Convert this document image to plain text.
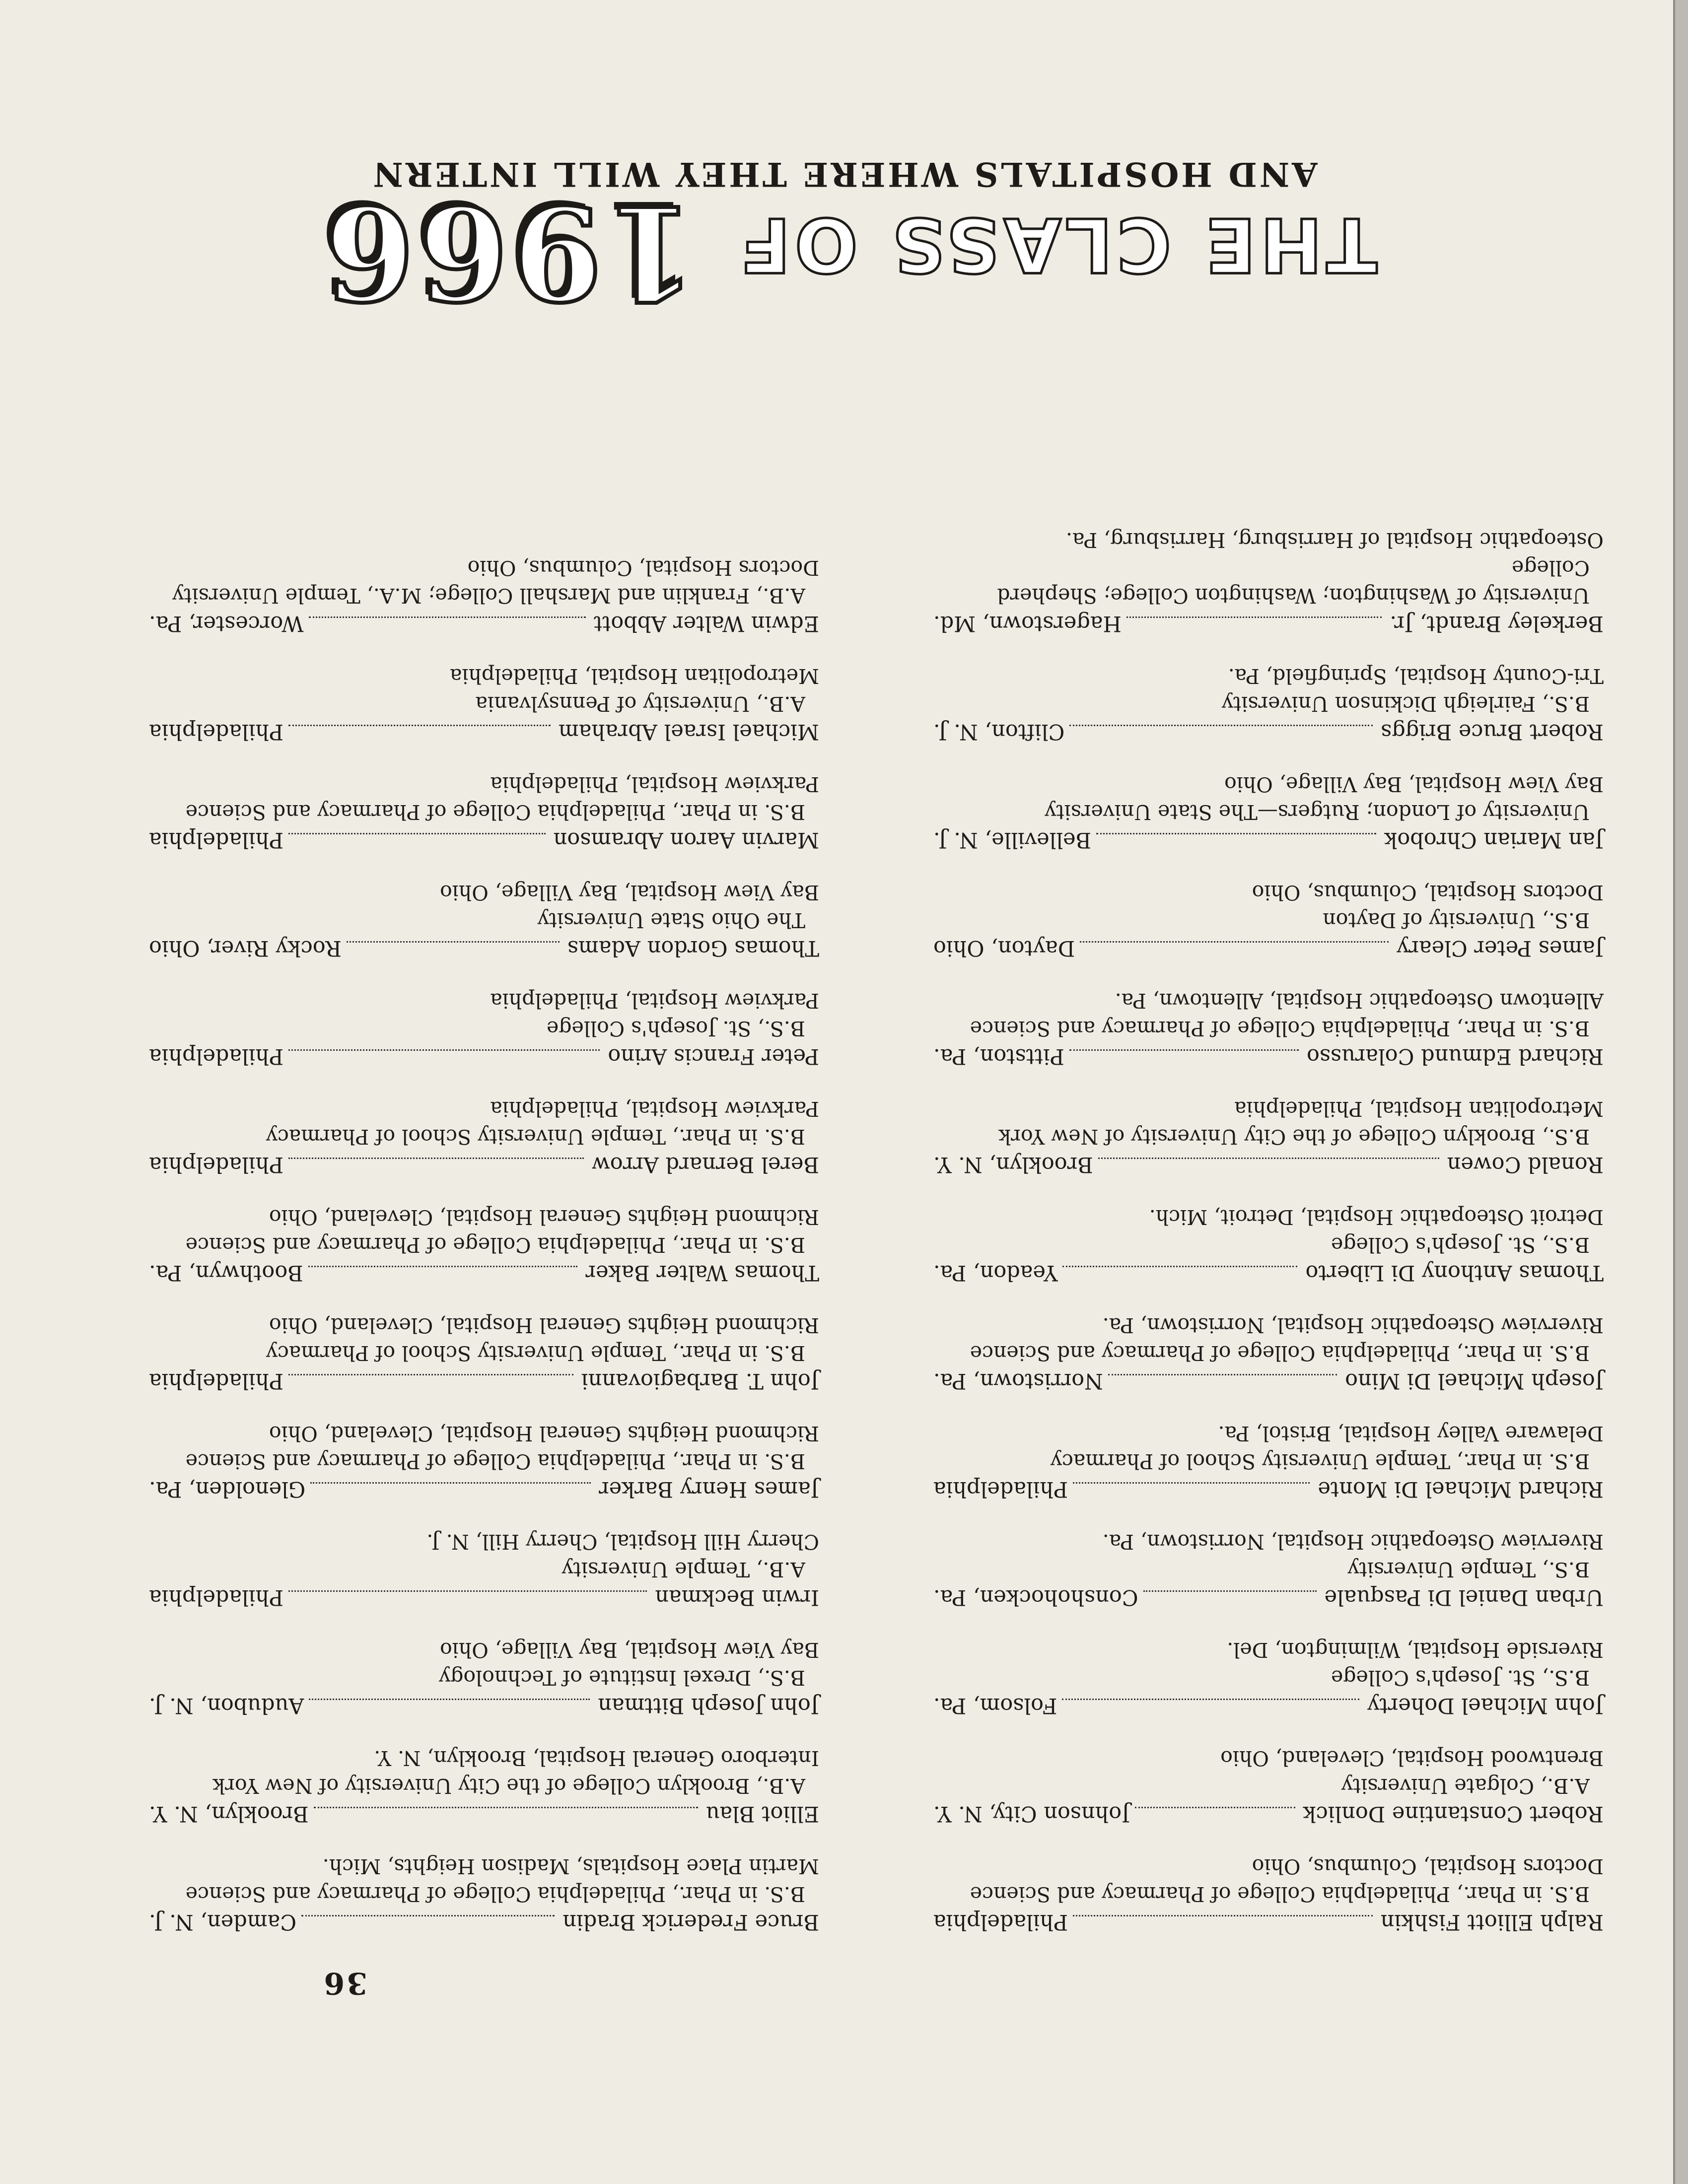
36
Ralph Elliott Fishkin
Philadelphia
B.S. in Phar., Philadelphia College of Pharmacy and Science
Doctors Hospital, Columbus, Ohio
Robert Constantine Donlick
Johnson City, N. Y.
A.B., Colgate University
Brentwood Hospital, Cleveland, Ohio
John Michael Doherty
Folsom, Pa.
B.S., St. Joseph's College
Riverside Hospital, Wilmington, Del.
Urban Daniel Di Pasquale
Conshohocken, Pa.
B.S., Temple University
Riverview Osteopathic Hospital, Norristown, Pa.
Richard Michael Di Monte
Philadelphia
B.S. in Phar., Temple University School of Pharmacy
Delaware Valley Hospital, Bristol, Pa.
Joseph Michael Di Mino
Norristown, Pa.
B.S. in Phar., Philadelphia College of Pharmacy and Science
Riverview Osteopathic Hospital, Norristown, Pa.
Thomas Anthony Di Liberto
Yeadon, Pa.
B.S., St. Joseph's College
Detroit Osteopathic Hospital, Detroit, Mich.
Ronald Cowen
Brooklyn, N. Y.
B.S., Brooklyn College of the City University of New York
Metropolitan Hospital, Philadelphia
Richard Edmund Colarusso
Pittston, Pa.
B.S. in Phar., Philadelphia College of Pharmacy and Science
Allentown Osteopathic Hospital, Allentown, Pa.
James Peter Cleary
Dayton, Ohio
B.S., University of Dayton
Doctors Hospital, Columbus, Ohio
Jan Marian Chrobok
Belleville, N. J.
University of London; Rutgers—The State University
Bay View Hospital, Bay Village, Ohio
Robert Bruce Briggs
Clifton, N. J.
B.S., Fairleigh Dickinson University
Tri-County Hospital, Springfield, Pa.
Berkeley Brandt, Jr.
Hagerstown, Md.
University of Washington; Washington College; Shepherd College
Osteopathic Hospital of Harrisburg, Harrisburg, Pa.
Bruce Frederick Bradin
Camden, N. J.
B.S. in Phar., Philadelphia College of Pharmacy and Science
Martin Place Hospitals, Madison Heights, Mich.
Elliot Blau
Brooklyn, N. Y.
A.B., Brooklyn College of the City University of New York
Interboro General Hospital, Brooklyn, N. Y.
John Joseph Bittman
Audubon, N. J.
B.S., Drexel Institute of Technology
Bay View Hospital, Bay Village, Ohio
Irwin Beckman
Philadelphia
A.B., Temple University
Cherry Hill Hospital, Cherry Hill, N. J.
James Henry Barker
Glenolden, Pa.
B.S. in Phar., Philadelphia College of Pharmacy and Science
Richmond Heights General Hospital, Cleveland, Ohio
John T. Barbagiovanni
Philadelphia
B.S. in Phar., Temple University School of Pharmacy
Richmond Heights General Hospital, Cleveland, Ohio
Thomas Walter Baker
Boothwyn, Pa.
B.S. in Phar., Philadelphia College of Pharmacy and Science
Richmond Heights General Hospital, Cleveland, Ohio
Berel Bernard Arrow
Philadelphia
B.S. in Phar., Temple University School of Pharmacy
Parkview Hospital, Philadelphia
Peter Francis Arino
Philadelphia
B.S., St. Joseph's College
Parkview Hospital, Philadelphia
Thomas Gordon Adams
Rocky River, Ohio
The Ohio State University
Bay View Hospital, Bay Village, Ohio
Marvin Aaron Abramson
Philadelphia
B.S. in Phar., Philadelphia College of Pharmacy and Science
Parkview Hospital, Philadelphia
Michael Israel Abraham
Philadelphia
A.B., University of Pennsylvania
Metropolitan Hospital, Philadelphia
Edwin Walter Abbott
Worcester, Pa.
A.B., Franklin and Marshall College; M.A., Temple University
Doctors Hospital, Columbus, Ohio
THE CLASS OF 1966
AND HOSPITALS WHERE THEY WILL INTERN
